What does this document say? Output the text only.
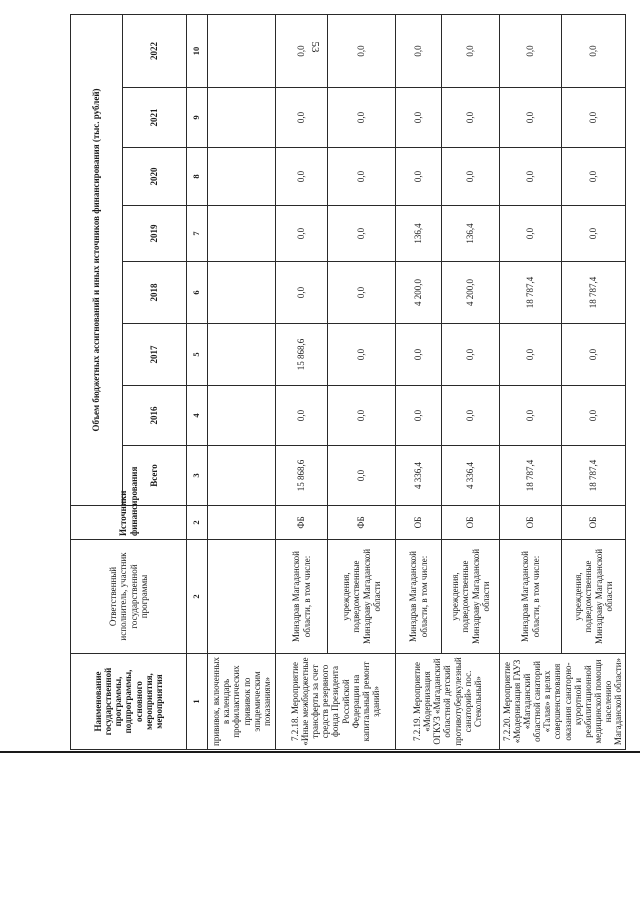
53
Наименование государственной программы, подпрограммы, основного мероприятия, мероприятия	Ответственный исполнитель, участник государственной программы	Источники финансирования	Объем бюджетных ассигнований и иных источников финансирования (тыс. рублей)							
			Всего	2016	2017	2018	2019	2020	2021	2022
1	2	2	3	4	5	6	7	8	9	10
прививок, включенных в календарь профилактических прививок по эпидемическим показаниям»										
7.2.18. Мероприятие «Иные межбюджетные трансферты за счет средств резервного фонда Президента Российской Федерации на капитальный ремонт зданий»	Минздрав Магаданской области, в том числе:	ФБ	15 868,6	0,0	15 868,6	0,0	0,0	0,0	0,0	0,0
	учреждения, подведомственные Минздраву Магаданской области	ФБ	0,0	0,0	0,0	0,0	0,0	0,0	0,0	0,0
7.2.19. Мероприятие «Модернизация ОГКУЗ «Магаданский областной детский противотуберкулезный санаторий» пос. Стекольный»	Минздрав Магаданской области, в том числе:	ОБ	4 336,4	0,0	0,0	4 200,0	136,4	0,0	0,0	0,0
	учреждения, подведомственные Минздраву Магаданской области	ОБ	4 336,4	0,0	0,0	4 200,0	136,4	0,0	0,0	0,0
7.2.20. Мероприятие «Модернизация ГАУЗ «Магаданский областной санаторий «Талая» в целях совершенствования оказания санаторно-курортной и реабилитационной медицинской помощи населению Магаданской области»	Минздрав Магаданской области, в том числе:	ОБ	18 787,4	0,0	0,0	18 787,4	0,0	0,0	0,0	0,0
	учреждения, подведомственные Минздраву Магаданской области	ОБ	18 787,4	0,0	0,0	18 787,4	0,0	0,0	0,0	0,0
